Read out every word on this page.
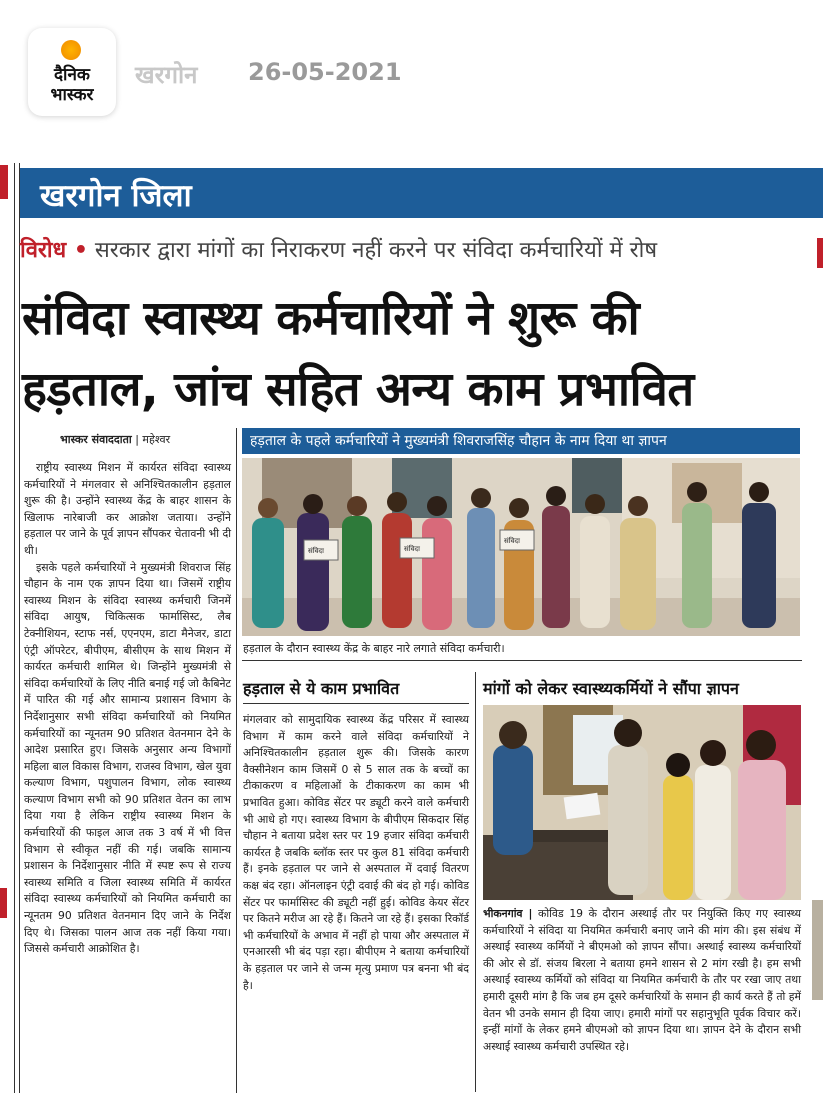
दैनिक
भास्कर
खरगोन 26-05-2021
खरगोन जिला
विरोध • सरकार द्वारा मांगों का निराकरण नहीं करने पर संविदा कर्मचारियों में रोष
संविदा स्वास्थ्य कर्मचारियों ने शुरू की
हड़ताल, जांच सहित अन्य काम प्रभावित
भास्कर संवाददाता | महेश्वर	हड़ताल के पहले कर्मचारियों ने मुख्यमंत्री शिवराजसिंह चौहान के नाम दिया था ज्ञापन

राष्ट्रीय स्वास्थ्य मिशन में कार्यरत संविदा स्वास्थ्य कर्मचारियों ने मंगलवार से अनिश्चितकालीन हड़ताल शुरू की है। उन्होंने स्वास्थ्य केंद्र के बाहर शासन के खिलाफ नारेबाजी कर आक्रोश जताया। उन्होंने हड़ताल पर जाने के पूर्व ज्ञापन सौंपकर चेतावनी भी दी थी।

इसके पहले कर्मचारियों ने मुख्यमंत्री शिवराज सिंह चौहान के नाम एक ज्ञापन दिया था। जिसमें राष्ट्रीय स्वास्थ्य मिशन के संविदा स्वास्थ्य कर्मचारी जिनमें संविदा आयुष, चिकित्सक फार्मासिस्ट, लैब टेक्नीशियन, स्टाफ नर्स, एएनएम, डाटा मैनेजर, डाटा एंट्री ऑपरेटर, बीपीएम, बीसीएम के साथ मिशन में कार्यरत कर्मचारी शामिल थे। जिन्होंने मुख्यमंत्री से संविदा कर्मचारियों के लिए नीति बनाई गई जो कैबिनेट में पारित की गई और सामान्य प्रशासन विभाग के निर्देशानुसार सभी संविदा कर्मचारियों को नियमित कर्मचारियों का न्यूनतम 90 प्रतिशत वेतनमान देने के आदेश प्रसारित हुए। जिसके अनुसार अन्य विभागों महिला बाल विकास विभाग, राजस्व विभाग, खेल युवा कल्याण विभाग, पशुपालन विभाग, लोक स्वास्थ्य कल्याण विभाग सभी को 90 प्रतिशत वेतन का लाभ दिया गया है लेकिन राष्ट्रीय स्वास्थ्य मिशन के कर्मचारियों की फाइल आज तक 3 वर्ष में भी वित्त विभाग से स्वीकृत नहीं की गई। जबकि सामान्य प्रशासन के निर्देशानुसार नीति में स्पष्ट रूप से राज्य स्वास्थ्य समिति व जिला स्वास्थ्य समिति में कार्यरत संविदा स्वास्थ्य कर्मचारियों को नियमित कर्मचारी का न्यूनतम 90 प्रतिशत वेतनमान दिए जाने के निर्देश दिए थे। जिसका पालन आज तक नहीं किया गया। जिससे कर्मचारी आक्रोशित है।

संविदा	संविदा
संविदा
हड़ताल के दौरान स्वास्थ्य केंद्र के बाहर नारे लगाते संविदा कर्मचारी।
हड़ताल से ये काम प्रभावित

मंगलवार को सामुदायिक स्वास्थ्य केंद्र परिसर में स्वास्थ्य विभाग में काम करने वाले संविदा कर्मचारियों ने अनिश्चितकालीन हड़ताल शुरू की। जिसके कारण वैक्सीनेशन काम जिसमें 0 से 5 साल तक के बच्चों का टीकाकरण व महिलाओं के टीकाकरण का काम भी प्रभावित हुआ। कोविड सेंटर पर ड्यूटी करने वाले कर्मचारी भी आधे हो गए। स्वास्थ्य विभाग के बीपीएम सिकदार सिंह चौहान ने बताया प्रदेश स्तर पर 19 हजार संविदा कर्मचारी कार्यरत है जबकि ब्लॉक स्तर पर कुल 81 संविदा कर्मचारी हैं। इनके हड़ताल पर जाने से अस्पताल में दवाई वितरण कक्ष बंद रहा। ऑनलाइन एंट्री दवाई की बंद हो गई। कोविड सेंटर पर फार्मासिस्ट की ड्यूटी नहीं हुई। कोविड केयर सेंटर पर कितने मरीज आ रहे हैं। कितने जा रहे हैं। इसका रिकॉर्ड भी कर्मचारियों के अभाव में नहीं हो पाया और अस्पताल में एनआरसी भी बंद पड़ा रहा। बीपीएम ने बताया कर्मचारियों के हड़ताल पर जाने से जन्म मृत्यु प्रमाण पत्र बनना भी बंद है।

मांगों को लेकर स्वास्थ्यकर्मियों ने सौंपा ज्ञापन

भीकनगांव | कोविड 19 के दौरान अस्थाई तौर पर नियुक्ति किए गए स्वास्थ्य कर्मचारियों ने संविदा या नियमित कर्मचारी बनाए जाने की मांग की। इस संबंध में अस्थाई स्वास्थ्य कर्मियों ने बीएमओ को ज्ञापन सौंपा। अस्थाई स्वास्थ्य कर्मचारियों की ओर से डॉ. संजय बिरला ने बताया हमने शासन से 2 मांग रखी है। हम सभी अस्थाई स्वास्थ्य कर्मियों को संविदा या नियमित कर्मचारी के तौर पर रखा जाए तथा हमारी दूसरी मांग है कि जब हम दूसरे कर्मचारियों के समान ही कार्य करते हैं तो हमें वेतन भी उनके समान ही दिया जाए। हमारी मांगों पर सहानुभूति पूर्वक विचार करें। इन्हीं मांगों के लेकर हमने बीएमओ को ज्ञापन दिया था। ज्ञापन देने के दौरान सभी अस्थाई स्वास्थ्य कर्मचारी उपस्थित रहे।
